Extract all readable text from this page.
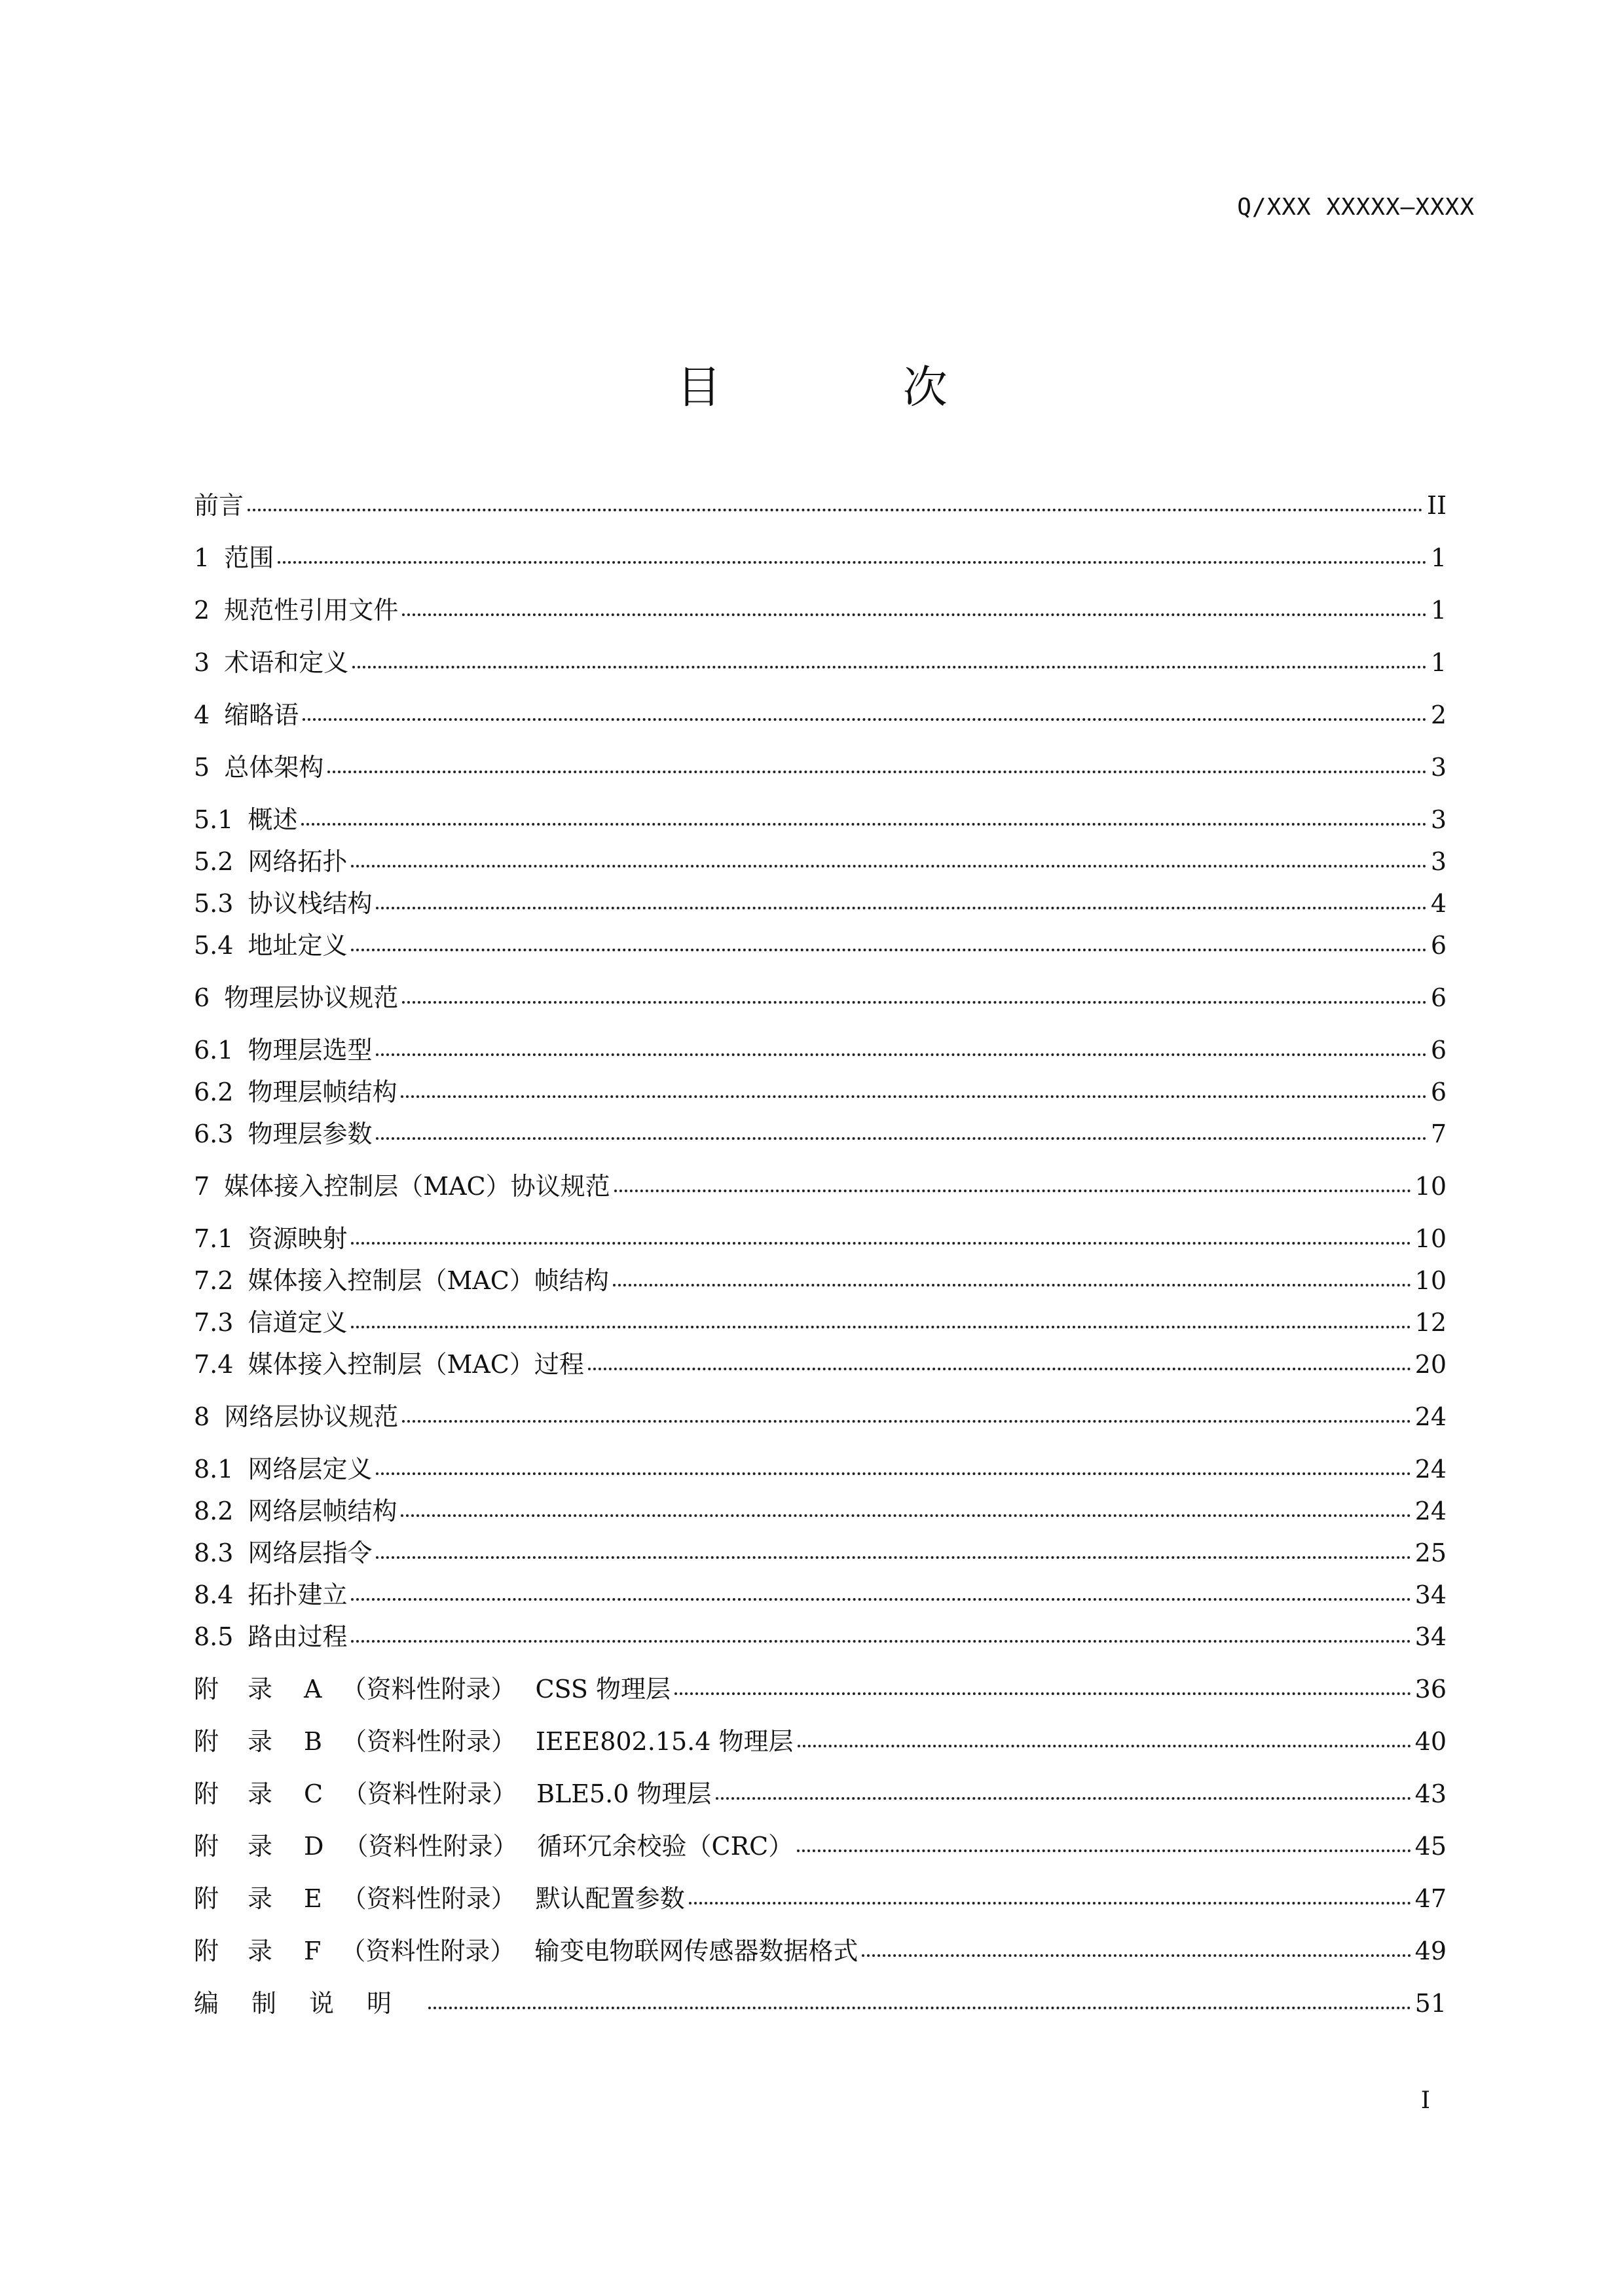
Q/XXX XXXXX—XXXX
目 次
前言	II
1 范围	1
2 规范性引用文件	1
3 术语和定义	1
4 缩略语	2
5 总体架构	3
5.1 概述	3
5.2 网络拓扑	3
5.3 协议栈结构	4
5.4 地址定义	6
6 物理层协议规范	6
6.1 物理层选型	6
6.2 物理层帧结构	6
6.3 物理层参数	7
7 媒体接入控制层（MAC）协议规范	10
7.1 资源映射	10
7.2 媒体接入控制层（MAC）帧结构	10
7.3 信道定义	12
7.4 媒体接入控制层（MAC）过程	20
8 网络层协议规范	24
8.1 网络层定义	24
8.2 网络层帧结构	24
8.3 网络层指令	25
8.4 拓扑建立	34
8.5 路由过程	34
附录 A （资料性附录） CSS 物理层	36
附录 B （资料性附录） IEEE802.15.4 物理层	40
附录 C （资料性附录） BLE5.0 物理层	43
附录 D （资料性附录） 循环冗余校验（CRC）	45
附录 E （资料性附录） 默认配置参数	47
附录 F （资料性附录） 输变电物联网传感器数据格式	49
编制说明	51
I
